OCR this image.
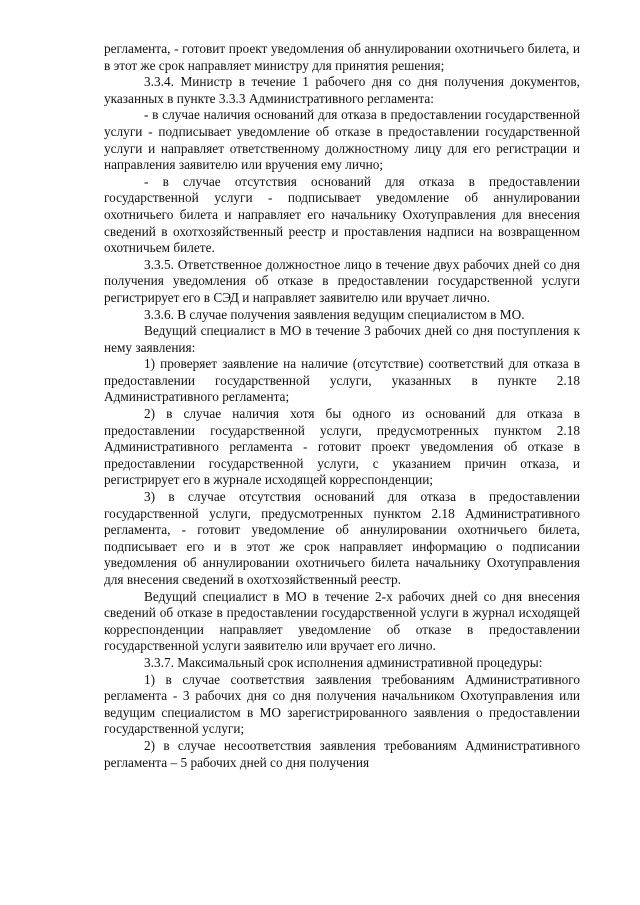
регламента, - готовит проект уведомления об аннулировании охотничьего билета, и в этот же срок направляет министру для принятия решения;

3.3.4. Министр в течение 1 рабочего дня со дня получения документов, указанных в пункте 3.3.3 Административного регламента:

- в случае наличия оснований для отказа в предоставлении государственной услуги - подписывает уведомление об отказе в предоставлении государственной услуги и направляет ответственному должностному лицу для его регистрации и направления заявителю или вручения ему лично;

- в случае отсутствия оснований для отказа в предоставлении государственной услуги - подписывает уведомление об аннулировании охотничьего билета и направляет его начальнику Охотуправления для внесения сведений в охотхозяйственный реестр и проставления надписи на возвращенном охотничьем билете.

3.3.5. Ответственное должностное лицо в течение двух рабочих дней со дня получения уведомления об отказе в предоставлении государственной услуги регистрирует его в СЭД и направляет заявителю или вручает лично.

3.3.6. В случае получения заявления ведущим специалистом в МО.

Ведущий специалист в МО в течение 3 рабочих дней со дня поступления к нему заявления:

1) проверяет заявление на наличие (отсутствие) соответствий для отказа в предоставлении государственной услуги, указанных в пункте 2.18 Административного регламента;

2) в случае наличия хотя бы одного из оснований для отказа в предоставлении государственной услуги, предусмотренных пунктом 2.18 Административного регламента - готовит проект уведомления об отказе в предоставлении государственной услуги, с указанием причин отказа, и регистрирует его в журнале исходящей корреспонденции;

3) в случае отсутствия оснований для отказа в предоставлении государственной услуги, предусмотренных пунктом 2.18 Административного регламента, - готовит уведомление об аннулировании охотничьего билета, подписывает его и в этот же срок направляет информацию о подписании уведомления об аннулировании охотничьего билета начальнику Охотуправления для внесения сведений в охотхозяйственный реестр.

Ведущий специалист в МО в течение 2-х рабочих дней со дня внесения сведений об отказе в предоставлении государственной услуги в журнал исходящей корреспонденции направляет уведомление об отказе в предоставлении государственной услуги заявителю или вручает его лично.

3.3.7. Максимальный срок исполнения административной процедуры:

1) в случае соответствия заявления требованиям Административного регламента - 3 рабочих дня со дня получения начальником Охотуправления или ведущим специалистом в МО зарегистрированного заявления о предоставлении государственной услуги;

2) в случае несоответствия заявления требованиям Административного регламента – 5 рабочих дней со дня получения
